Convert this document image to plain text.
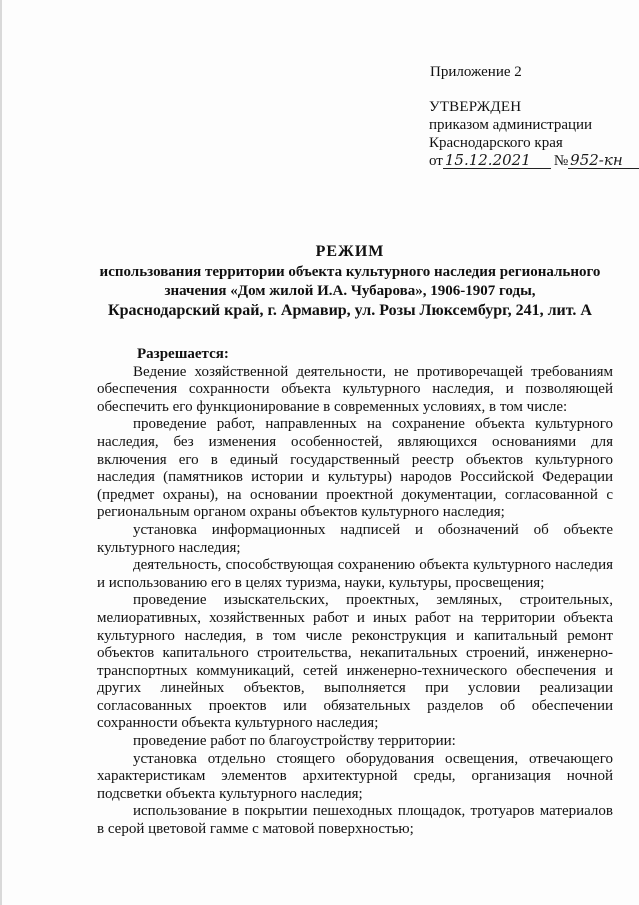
Приложение 2
УТВЕРЖДЕН
приказом администрации
Краснодарского края
от 15.12.2021	№ 952-кн
РЕЖИМ
использования территории объекта культурного наследия регионального
значения «Дом жилой И.А. Чубарова», 1906-1907 годы,
Краснодарский край, г. Армавир, ул. Розы Люксембург, 241, лит. А

Разрешается:

Ведение хозяйственной деятельности, не противоречащей требованиям обеспечения сохранности объекта культурного наследия, и позволяющей обеспечить его функционирование в современных условиях, в том числе:

проведение работ, направленных на сохранение объекта культурного наследия, без изменения особенностей, являющихся основаниями для включения его в единый государственный реестр объектов культурного наследия (памятников истории и культуры) народов Российской Федерации (предмет охраны), на основании проектной документации, согласованной с региональным органом охраны объектов культурного наследия;

установка информационных надписей и обозначений об объекте культурного наследия;

деятельность, способствующая сохранению объекта культурного наследия и использованию его в целях туризма, науки, культуры, просвещения;

проведение изыскательских, проектных, земляных, строительных, мелиоративных, хозяйственных работ и иных работ на территории объекта культурного наследия, в том числе реконструкция и капитальный ремонт объектов капитального строительства, некапитальных строений, инженерно-транспортных коммуникаций, сетей инженерно-технического обеспечения и других линейных объектов, выполняется при условии реализации согласованных проектов или обязательных разделов об обеспечении сохранности объекта культурного наследия;

проведение работ по благоустройству территории:

установка отдельно стоящего оборудования освещения, отвечающего характеристикам элементов архитектурной среды, организация ночной подсветки объекта культурного наследия;

использование в покрытии пешеходных площадок, тротуаров материалов в серой цветовой гамме с матовой поверхностью;
